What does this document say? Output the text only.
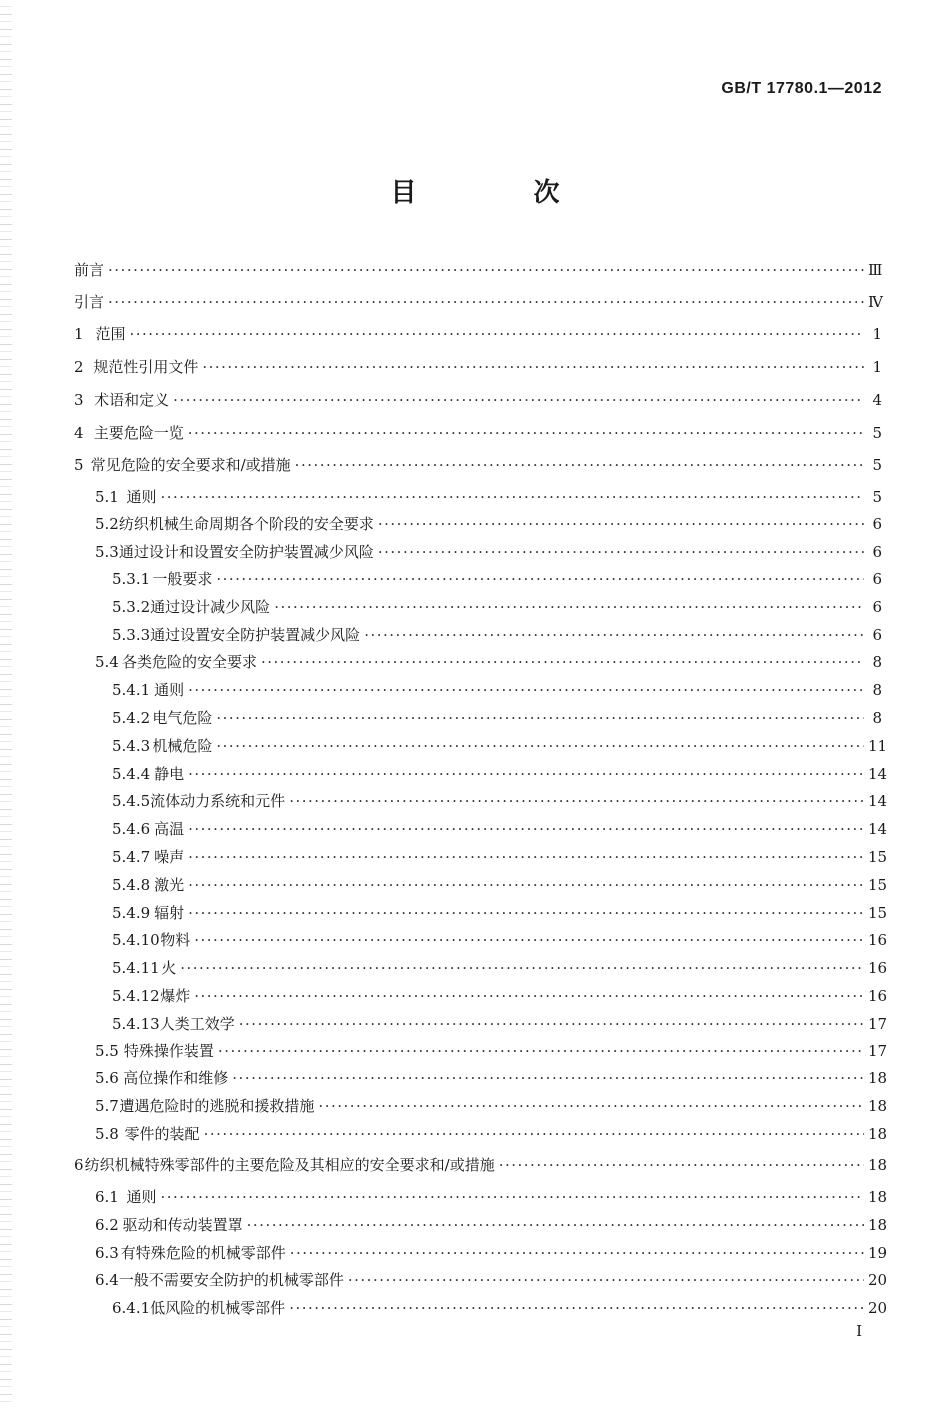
GB/T 17780.1—2012
目 次
前言 ·····	Ⅲ
引言 ·····	Ⅳ
1 范围 ·····	1
2 规范性引用文件 ·····	1
3 术语和定义 ·····	4
4 主要危险一览 ·····	5
5 常见危险的安全要求和/或措施 ·····	5
5.1 通则 ·····	5
5.2 纺织机械生命周期各个阶段的安全要求 ·····	6
5.3 通过设计和设置安全防护装置减少风险 ·····	6
5.3.1 一般要求 ·····	6
5.3.2 通过设计减少风险 ·····	6
5.3.3 通过设置安全防护装置减少风险 ·····	6
5.4 各类危险的安全要求 ·····	8
5.4.1 通则 ·····	8
5.4.2 电气危险 ·····	8
5.4.3 机械危险 ·····	11
5.4.4 静电 ·····	14
5.4.5 流体动力系统和元件 ·····	14
5.4.6 高温 ·····	14
5.4.7 噪声 ·····	15
5.4.8 激光 ·····	15
5.4.9 辐射 ·····	15
5.4.10 物料 ·····	16
5.4.11 火 ·····	16
5.4.12 爆炸 ·····	16
5.4.13 人类工效学 ·····	17
5.5 特殊操作装置 ·····	17
5.6 高位操作和维修 ·····	18
5.7 遭遇危险时的逃脱和援救措施 ·····	18
5.8 零件的装配 ·····	18
6 纺织机械特殊零部件的主要危险及其相应的安全要求和/或措施 ·····	18
6.1 通则 ·····	18
6.2 驱动和传动装置罩 ·····	18
6.3 有特殊危险的机械零部件 ·····	19
6.4 一般不需要安全防护的机械零部件 ·····	20
6.4.1 低风险的机械零部件 ·····	20
I
